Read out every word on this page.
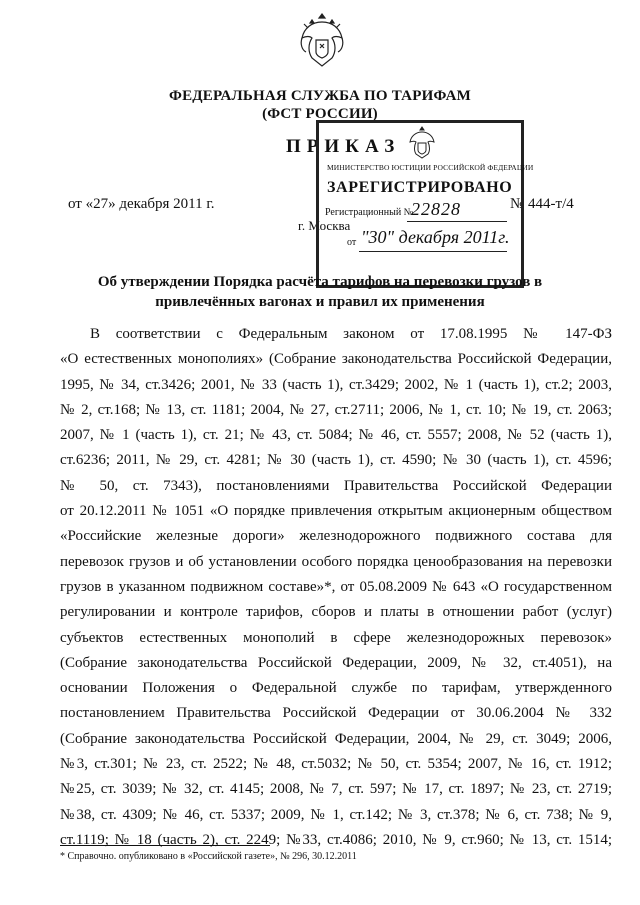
ФЕДЕРАЛЬНАЯ СЛУЖБА ПО ТАРИФАМ
(ФСТ РОССИИ)
ПРИКАЗ
от «27» декабря 2011 г.	№ 444-т/4
г. Москва
МИНИСТЕРСТВО ЮСТИЦИИ РОССИЙСКОЙ ФЕДЕРАЦИИ
ЗАРЕГИСТРИРОВАНО
Регистрационный №
22828
от "30" декабря 2011г.
Об утверждении Порядка расчёта тарифов на перевозки грузов в
привлечённых вагонах и правил их применения
В соответствии с Федеральным законом от 17.08.1995 № 147-ФЗ
«О естественных монополиях» (Собрание законодательства Российской Федерации,
1995, № 34, ст.3426; 2001, № 33 (часть 1), ст.3429; 2002, № 1 (часть 1), ст.2; 2003,
№ 2, ст.168; № 13, ст. 1181; 2004, № 27, ст.2711; 2006, № 1, ст. 10; № 19, ст. 2063;
2007, № 1 (часть 1), ст. 21; № 43, ст. 5084; № 46, ст. 5557; 2008, № 52 (часть 1),
ст.6236; 2011, № 29, ст. 4281; № 30 (часть 1), ст. 4590; № 30 (часть 1), ст. 4596;
№ 50, ст. 7343), постановлениями Правительства Российской Федерации
от 20.12.2011 № 1051 «О порядке привлечения открытым акционерным обществом
«Российские железные дороги» железнодорожного подвижного состава для
перевозок грузов и об установлении особого порядка ценообразования на перевозки
грузов в указанном подвижном составе»*, от 05.08.2009 № 643 «О государственном
регулировании и контроле тарифов, сборов и платы в отношении работ (услуг)
субъектов естественных монополий в сфере железнодорожных перевозок»
(Собрание законодательства Российской Федерации, 2009, № 32, ст.4051), на
основании Положения о Федеральной службе по тарифам, утвержденного
постановлением Правительства Российской Федерации от 30.06.2004 № 332
(Собрание законодательства Российской Федерации, 2004, № 29, ст. 3049; 2006,
№3, ст.301; № 23, ст. 2522; № 48, ст.5032; № 50, ст. 5354; 2007, № 16, ст. 1912;
№25, ст. 3039; № 32, ст. 4145; 2008, № 7, ст. 597; № 17, ст. 1897; № 23, ст. 2719;
№38, ст. 4309; № 46, ст. 5337; 2009, № 1, ст.142; № 3, ст.378; № 6, ст. 738; № 9,
ст.1119; № 18 (часть 2), ст. 2249; №33, ст.4086; 2010, № 9, ст.960; № 13, ст. 1514;
* Справочно. опубликовано в «Российской газете», № 296, 30.12.2011
